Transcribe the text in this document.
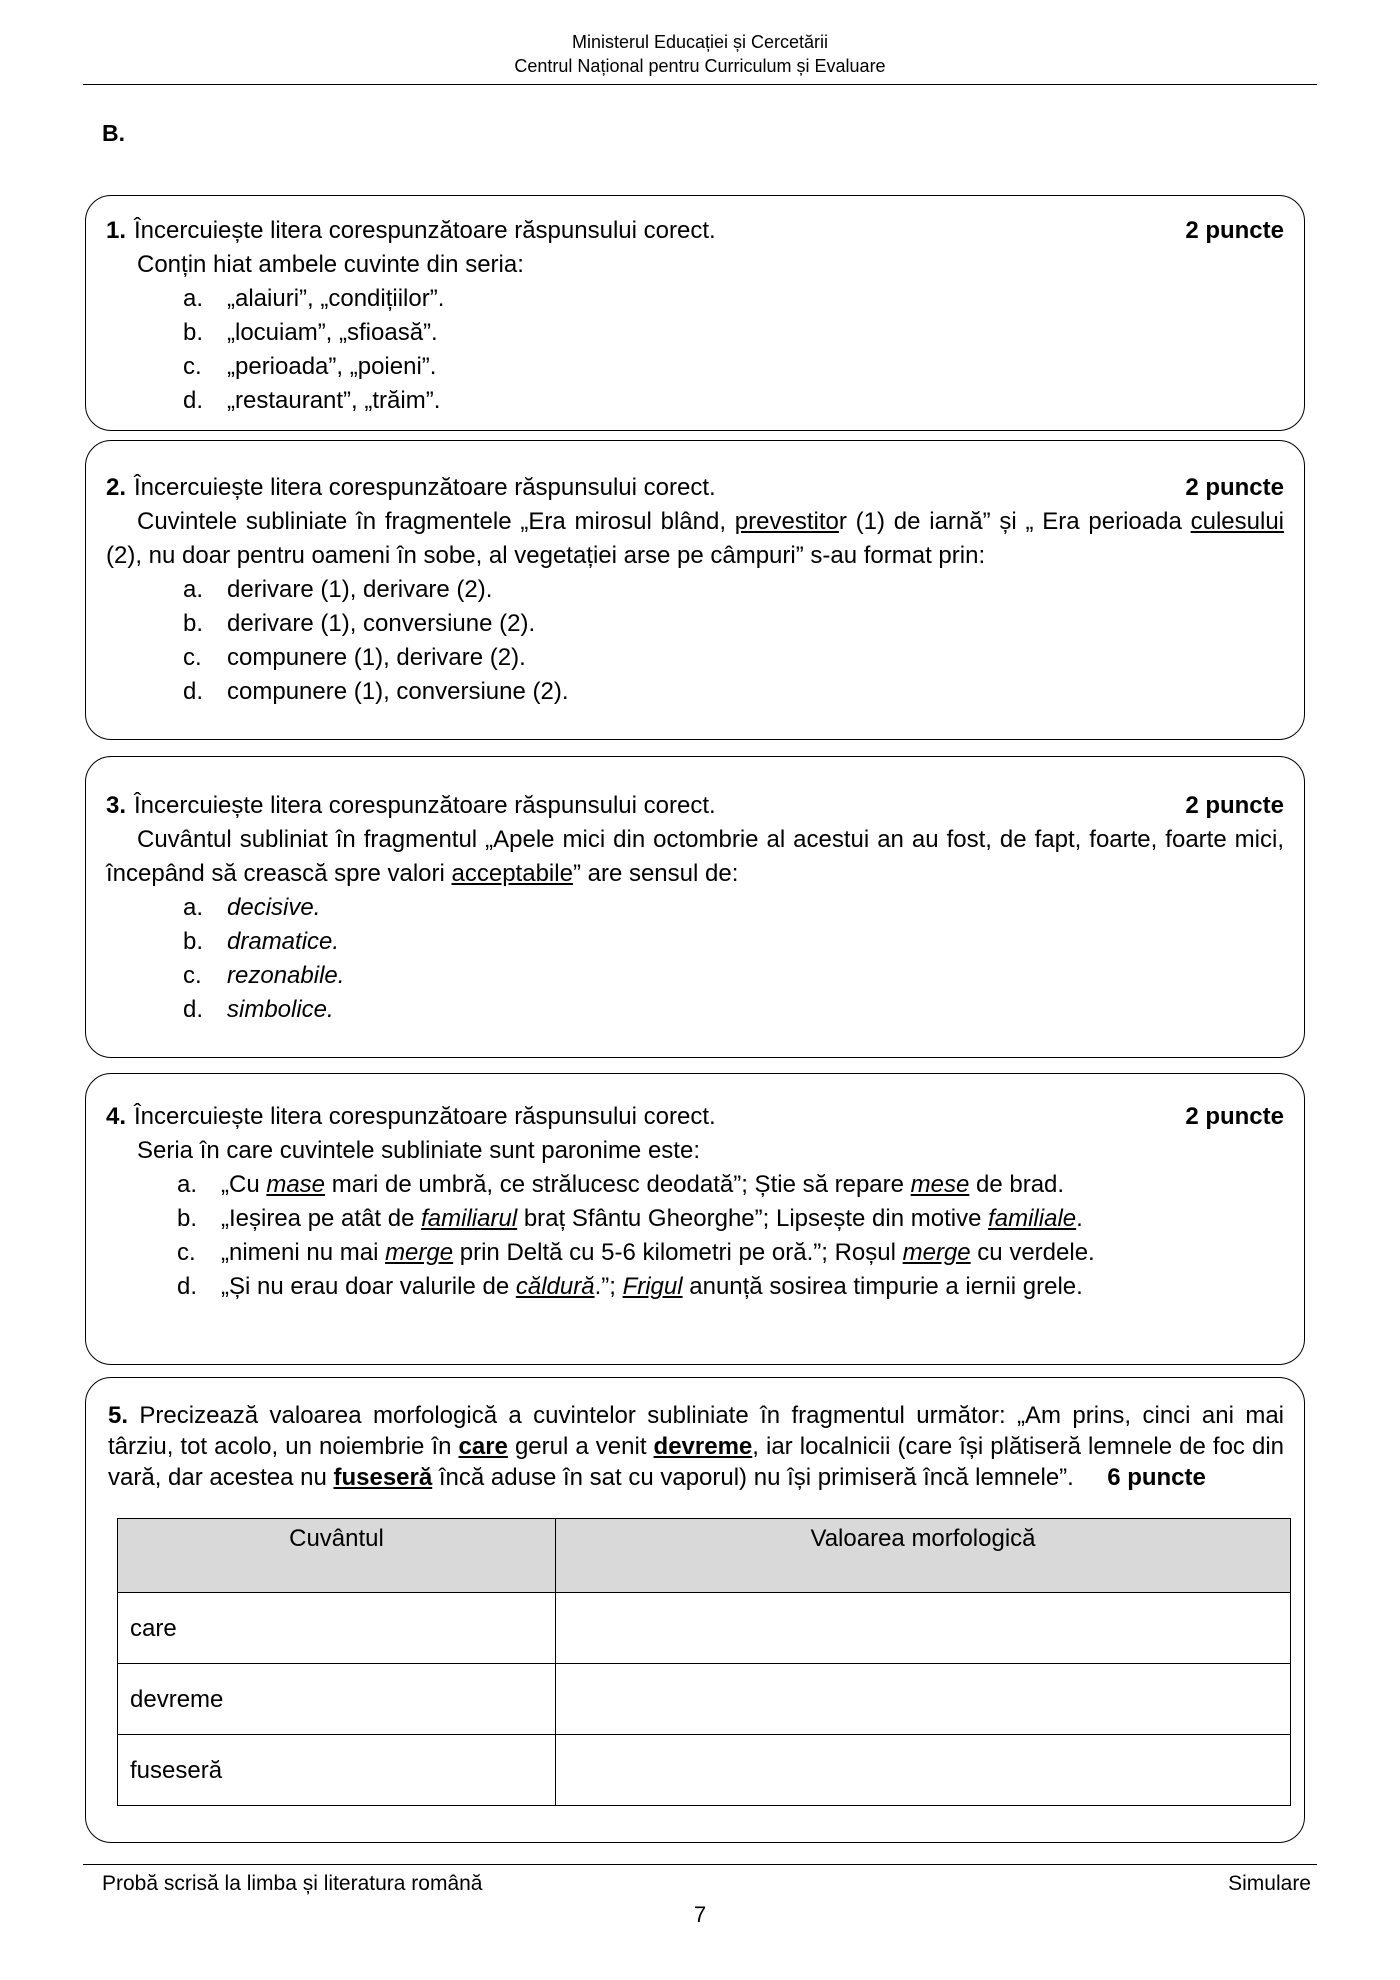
Ministerul Educației și Cercetării
Centrul Național pentru Curriculum și Evaluare
B.
1. Încercuiește litera corespunzătoare răspunsului corect.	2 puncte
Conțin hiat ambele cuvinte din seria:
a. „alaiuri”, „condițiilor”.
b. „locuiam”, „sfioasă”.
c. „perioada”, „poieni”.
d. „restaurant”, „trăim”.
2. Încercuiește litera corespunzătoare răspunsului corect.	2 puncte
Cuvintele subliniate în fragmentele „Era mirosul blând, prevestitor (1) de iarnă” și „ Era perioada culesului (2), nu doar pentru oameni în sobe, al vegetației arse pe câmpuri” s-au format prin:
a. derivare (1), derivare (2).
b. derivare (1), conversiune (2).
c. compunere (1), derivare (2).
d. compunere (1), conversiune (2).
3. Încercuiește litera corespunzătoare răspunsului corect.	2 puncte
Cuvântul subliniat în fragmentul „Apele mici din octombrie al acestui an au fost, de fapt, foarte, foarte mici, începând să crească spre valori acceptabile” are sensul de:
a. decisive.
b. dramatice.
c. rezonabile.
d. simbolice.
4. Încercuiește litera corespunzătoare răspunsului corect.	2 puncte
Seria în care cuvintele subliniate sunt paronime este:
a. „Cu mase mari de umbră, ce strălucesc deodată”; Știe să repare mese de brad.
b. „Ieșirea pe atât de familiarul braț Sfântu Gheorghe”; Lipsește din motive familiale.
c. „nimeni nu mai merge prin Deltă cu 5-6 kilometri pe oră.”; Roșul merge cu verdele.
d. „Și nu erau doar valurile de căldură.”; Frigul anunță sosirea timpurie a iernii grele.
5. Precizează valoarea morfologică a cuvintelor subliniate în fragmentul următor: „Am prins, cinci ani mai târziu, tot acolo, un noiembrie în care gerul a venit devreme, iar localnicii (care își plătiseră lemnele de foc din vară, dar acestea nu fuseseră încă aduse în sat cu vaporul) nu își primiseră încă lemnele”. 6 puncte
Cuvântul	Valoarea morfologică
care	
devreme	
fuseseră	
Probă scrisă la limba și literatura română	Simulare
7
